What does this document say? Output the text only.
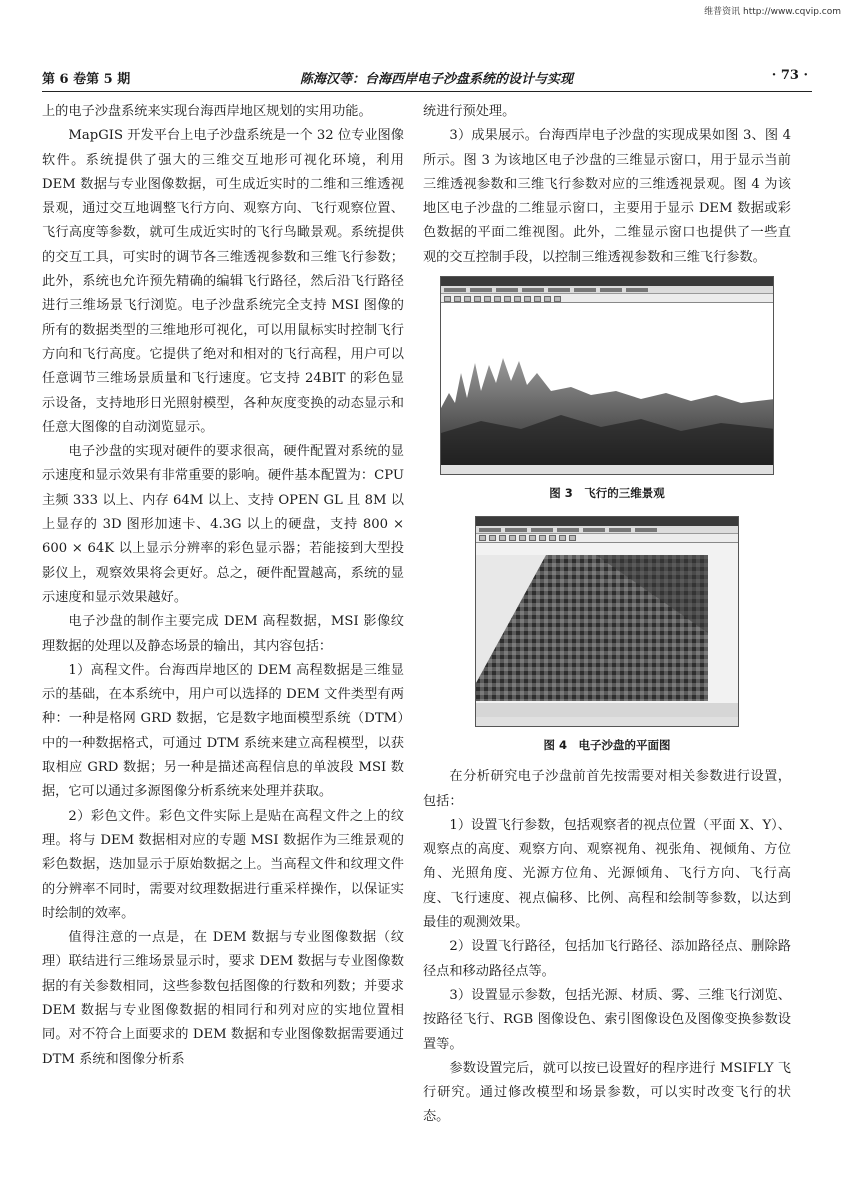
维普资讯 http://www.cqvip.com
第 6 卷第 5 期	陈海汉等：台海西岸电子沙盘系统的设计与实现	· 73 ·

上的电子沙盘系统来实现台海西岸地区规划的实用功能。

MapGIS 开发平台上电子沙盘系统是一个 32 位专业图像软件。系统提供了强大的三维交互地形可视化环境，利用 DEM 数据与专业图像数据，可生成近实时的二维和三维透视景观，通过交互地调整飞行方向、观察方向、飞行观察位置、飞行高度等参数，就可生成近实时的飞行鸟瞰景观。系统提供的交互工具，可实时的调节各三维透视参数和三维飞行参数；此外，系统也允许预先精确的编辑飞行路径，然后沿飞行路径进行三维场景飞行浏览。电子沙盘系统完全支持 MSI 图像的所有的数据类型的三维地形可视化，可以用鼠标实时控制飞行方向和飞行高度。它提供了绝对和相对的飞行高程，用户可以任意调节三维场景质量和飞行速度。它支持 24BIT 的彩色显示设备，支持地形日光照射模型，各种灰度变换的动态显示和任意大图像的自动浏览显示。

电子沙盘的实现对硬件的要求很高，硬件配置对系统的显示速度和显示效果有非常重要的影响。硬件基本配置为：CPU 主频 333 以上、内存 64M 以上、支持 OPEN GL 且 8M 以上显存的 3D 图形加速卡、4.3G 以上的硬盘，支持 800 × 600 × 64K 以上显示分辨率的彩色显示器；若能接到大型投影仪上，观察效果将会更好。总之，硬件配置越高，系统的显示速度和显示效果越好。

电子沙盘的制作主要完成 DEM 高程数据，MSI 影像纹理数据的处理以及静态场景的输出，其内容包括：

1）高程文件。台海西岸地区的 DEM 高程数据是三维显示的基础，在本系统中，用户可以选择的 DEM 文件类型有两种：一种是格网 GRD 数据，它是数字地面模型系统（DTM）中的一种数据格式，可通过 DTM 系统来建立高程模型，以获取相应 GRD 数据；另一种是描述高程信息的单波段 MSI 数据，它可以通过多源图像分析系统来处理并获取。

2）彩色文件。彩色文件实际上是贴在高程文件之上的纹理。将与 DEM 数据相对应的专题 MSI 数据作为三维景观的彩色数据，迭加显示于原始数据之上。当高程文件和纹理文件的分辨率不同时，需要对纹理数据进行重采样操作，以保证实时绘制的效率。

值得注意的一点是，在 DEM 数据与专业图像数据（纹理）联结进行三维场景显示时，要求 DEM 数据与专业图像数据的有关参数相同，这些参数包括图像的行数和列数；并要求 DEM 数据与专业图像数据的相同行和列对应的实地位置相同。对不符合上面要求的 DEM 数据和专业图像数据需要通过 DTM 系统和图像分析系

统进行预处理。

3）成果展示。台海西岸电子沙盘的实现成果如图 3、图 4 所示。图 3 为该地区电子沙盘的三维显示窗口，用于显示当前三维透视参数和三维飞行参数对应的三维透视景观。图 4 为该地区电子沙盘的二维显示窗口，主要用于显示 DEM 数据或彩色数据的平面二维视图。此外，二维显示窗口也提供了一些直观的交互控制手段，以控制三维透视参数和三维飞行参数。

图 3　飞行的三维景观
图 4　电子沙盘的平面图

在分析研究电子沙盘前首先按需要对相关参数进行设置，包括：

1）设置飞行参数，包括观察者的视点位置（平面 X、Y）、观察点的高度、观察方向、观察视角、视张角、视倾角、方位角、光照角度、光源方位角、光源倾角、飞行方向、飞行高度、飞行速度、视点偏移、比例、高程和绘制等参数，以达到最佳的观测效果。

2）设置飞行路径，包括加飞行路径、添加路径点、删除路径点和移动路径点等。

3）设置显示参数，包括光源、材质、雾、三维飞行浏览、按路径飞行、RGB 图像设色、索引图像设色及图像变换参数设置等。

参数设置完后，就可以按已设置好的程序进行 MSIFLY 飞行研究。通过修改模型和场景参数，可以实时改变飞行的状态。
